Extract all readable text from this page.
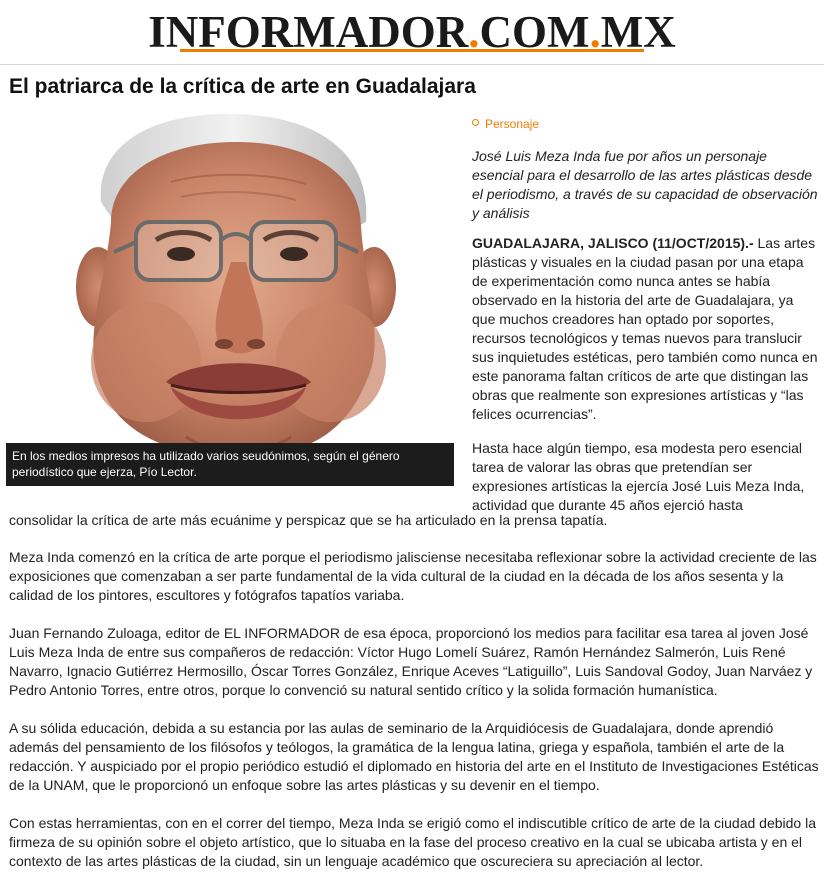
INFORMADOR.COM.MX
El patriarca de la crítica de arte en Guadalajara
En los medios impresos ha utilizado varios seudónimos, según el género periodístico que ejerza, Pío Lector.
Personaje

José Luis Meza Inda fue por años un personaje esencial para el desarrollo de las artes plásticas desde el periodismo, a través de su capacidad de observación y análisis

GUADALAJARA, JALISCO (11/OCT/2015).- Las artes plásticas y visuales en la ciudad pasan por una etapa de experimentación como nunca antes se había observado en la historia del arte de Guadalajara, ya que muchos creadores han optado por soportes, recursos tecnológicos y temas nuevos para translucir sus inquietudes estéticas, pero también como nunca en este panorama faltan críticos de arte que distingan las obras que realmente son expresiones artísticas y “las felices ocurrencias”.

Hasta hace algún tiempo, esa modesta pero esencial tarea de valorar las obras que pretendían ser expresiones artísticas la ejercía José Luis Meza Inda, actividad que durante 45 años ejerció hasta

consolidar la crítica de arte más ecuánime y perspicaz que se ha articulado en la prensa tapatía.

Meza Inda comenzó en la crítica de arte porque el periodismo jalisciense necesitaba reflexionar sobre la actividad creciente de las exposiciones que comenzaban a ser parte fundamental de la vida cultural de la ciudad en la década de los años sesenta y la calidad de los pintores, escultores y fotógrafos tapatíos variaba.

Juan Fernando Zuloaga, editor de EL INFORMADOR de esa época, proporcionó los medios para facilitar esa tarea al joven José Luis Meza Inda de entre sus compañeros de redacción: Víctor Hugo Lomelí Suárez, Ramón Hernández Salmerón, Luis René Navarro, Ignacio Gutiérrez Hermosillo, Óscar Torres González, Enrique Aceves “Latiguillo”, Luis Sandoval Godoy, Juan Narváez y Pedro Antonio Torres, entre otros, porque lo convenció su natural sentido crítico y la solida formación humanística.

A su sólida educación, debida a su estancia por las aulas de seminario de la Arquidiócesis de Guadalajara, donde aprendió además del pensamiento de los filósofos y teólogos, la gramática de la lengua latina, griega y española, también el arte de la redacción. Y auspiciado por el propio periódico estudió el diplomado en historia del arte en el Instituto de Investigaciones Estéticas de la UNAM, que le proporcionó un enfoque sobre las artes plásticas y su devenir en el tiempo.

Con estas herramientas, con en el correr del tiempo, Meza Inda se erigió como el indiscutible crítico de arte de la ciudad debido la firmeza de su opinión sobre el objeto artístico, que lo situaba en la fase del proceso creativo en la cual se ubicaba artista y en el contexto de las artes plásticas de la ciudad, sin un lenguaje académico que oscureciera su apreciación al lector.
